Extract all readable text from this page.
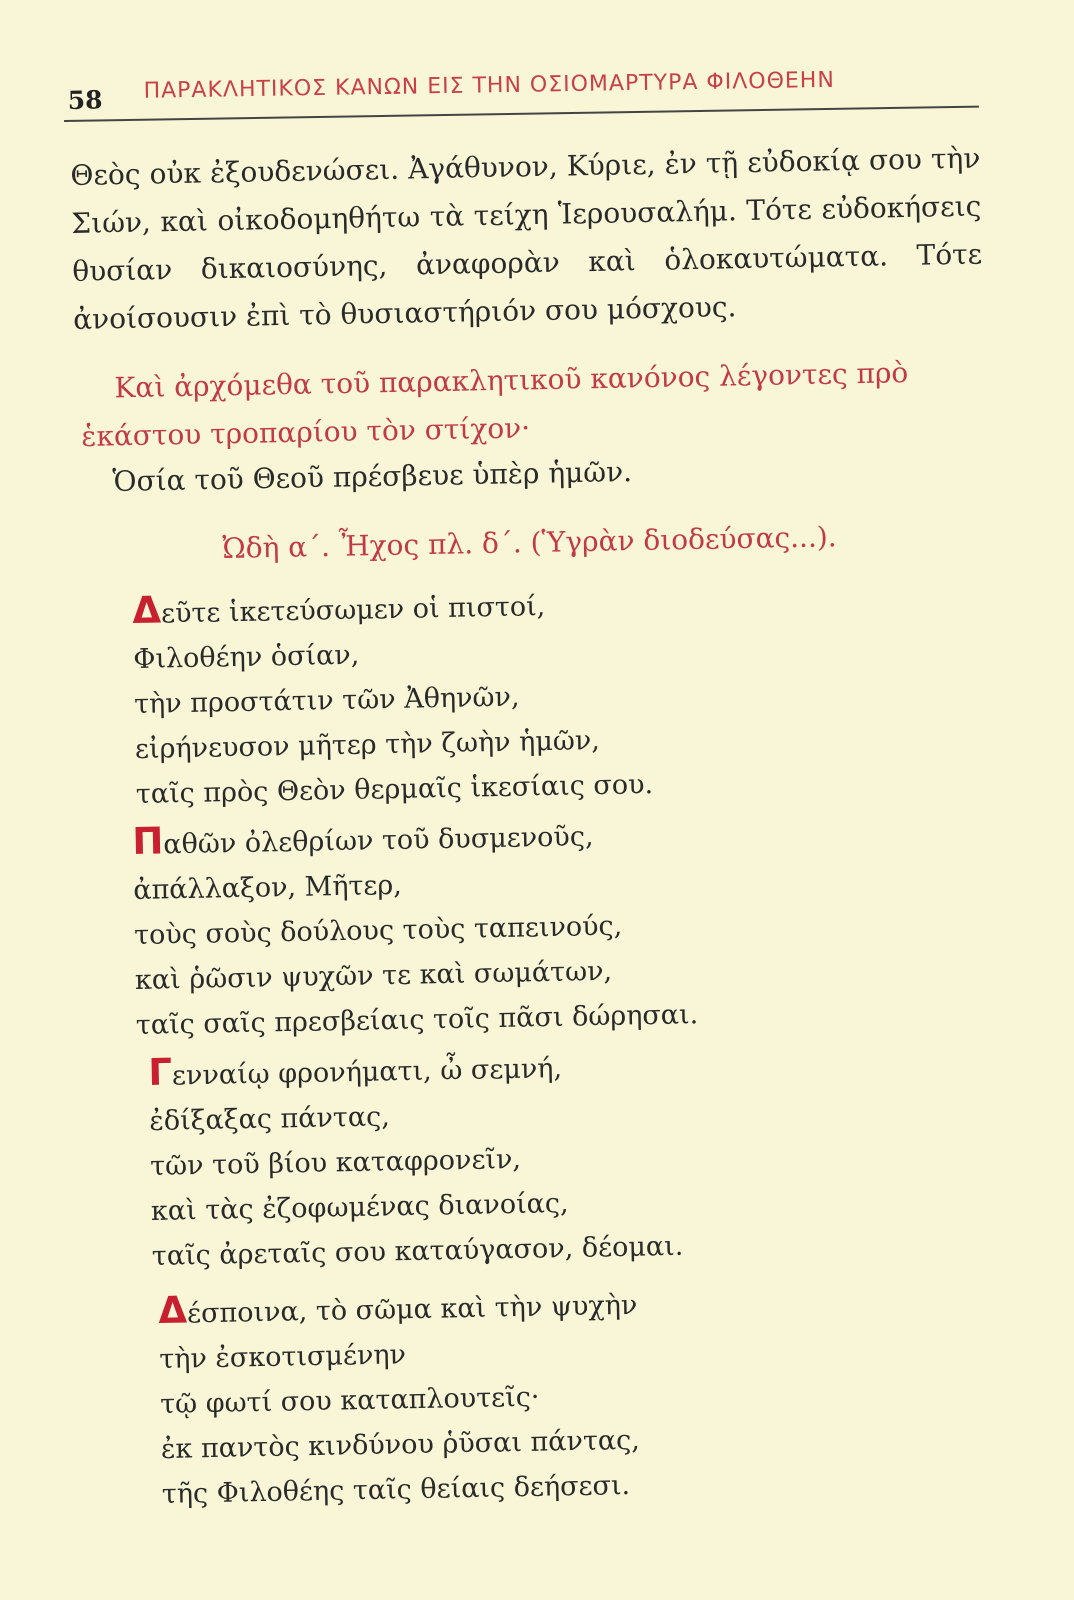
58 ΠΑΡΑΚΛΗΤΙΚΟΣ ΚΑΝΩΝ ΕΙΣ ΤΗΝ ΟΣΙΟΜΑΡΤΥΡΑ ΦΙΛΟΘΕΗΝ

Θεὸς οὐκ ἐξουδενώσει. Ἀγάθυνον, Κύριε, ἐν τῇ εὐδοκίᾳ σου τὴν Σιών, καὶ οἰκοδομηθήτω τὰ τείχη Ἱερουσαλήμ. Τότε εὐδοκήσεις θυσίαν δικαιοσύνης, ἀναφορὰν καὶ ὁλοκαυτώματα. Τότε ἀνοίσουσιν ἐπὶ τὸ θυσιαστήριόν σου μόσχους.

Καὶ ἀρχόμεθα τοῦ παρακλητικοῦ κανόνος λέγοντες πρὸ ἑκάστου τροπαρίου τὸν στίχον·

Ὁσία τοῦ Θεοῦ πρέσβευε ὑπὲρ ἡμῶν.
Ὠδὴ α΄. Ἦχος πλ. δ΄. (Ὑγρὰν διοδεύσας...).
Δεῦτε ἱκετεύσωμεν οἱ πιστοί,
Φιλοθέην ὁσίαν,
τὴν προστάτιν τῶν Ἀθηνῶν,
εἰρήνευσον μῆτερ τὴν ζωὴν ἡμῶν,
ταῖς πρὸς Θεὸν θερμαῖς ἱκεσίαις σου.
Παθῶν ὀλεθρίων τοῦ δυσμενοῦς,
ἀπάλλαξον, Μῆτερ,
τοὺς σοὺς δούλους τοὺς ταπεινούς,
καὶ ῥῶσιν ψυχῶν τε καὶ σωμάτων,
ταῖς σαῖς πρεσβείαις τοῖς πᾶσι δώρησαι.
Γενναίῳ φρονήματι, ὦ σεμνή,
ἐδίξαξας πάντας,
τῶν τοῦ βίου καταφρονεῖν,
καὶ τὰς ἐζοφωμένας διανοίας,
ταῖς ἀρεταῖς σου καταύγασον, δέομαι.
Δέσποινα, τὸ σῶμα καὶ τὴν ψυχὴν
τὴν ἐσκοτισμένην
τῷ φωτί σου καταπλουτεῖς·
ἐκ παντὸς κινδύνου ῥῦσαι πάντας,
τῆς Φιλοθέης ταῖς θείαις δεήσεσι.
